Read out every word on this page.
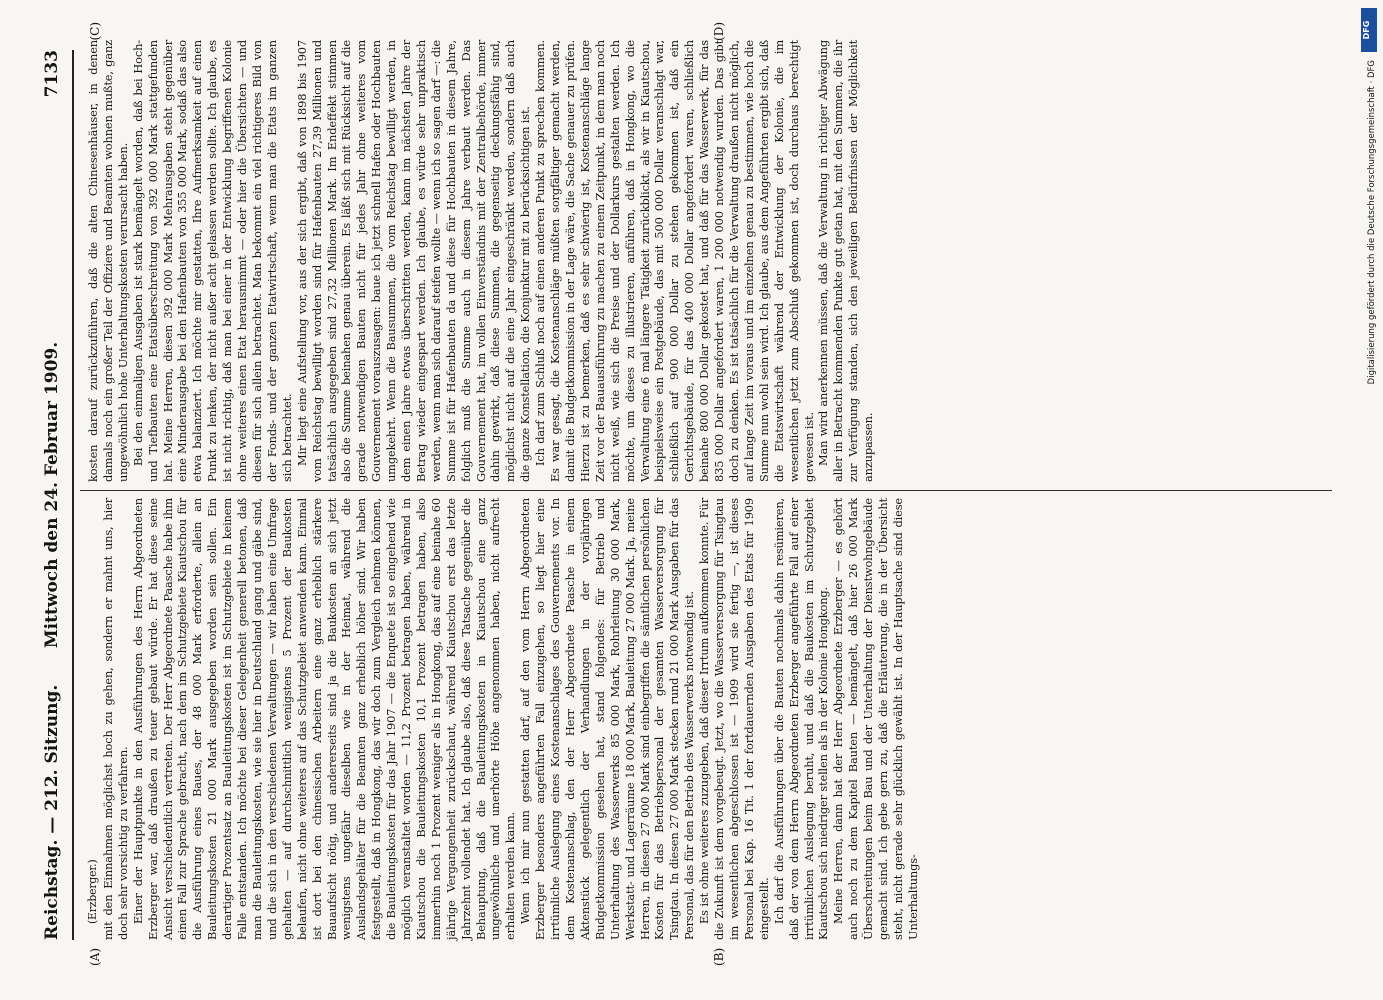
Reichstag. — 212. Sitzung.
Mittwoch den 24. Februar 1909.
7133
(A)	(B)
(C)	(D)

(Erzberger.) mit den Einnahmen möglichst hoch zu gehen, sondern er mahnt uns, hier doch sehr vorsichtig zu verfahren. Einer der Hauptpunkte in den Ausführungen des Herrn Abgeordneten Erzberger war, daß draußen zu teuer gebaut würde. Er hat diese seine Ansicht verschiedentlich vertreten. Der Herr Abgeordnete Paasche habe ihm einen Fall zur Sprache gebracht, nach dem im Schutzgebiete Kiautschou für die Ausführung eines Baues, der 48 000 Mark erforderte, allein an Bauleitungskosten 21 000 Mark ausgegeben worden sein sollen. Ein derartiger Prozentsatz an Bauleitungskosten ist im Schutzgebiete in keinem Falle entstanden. Ich möchte bei dieser Gelegenheit generell betonen, daß man die Bauleitungskosten, wie sie hier in Deutschland gang und gäbe sind, und die sich in den verschiedenen Verwaltungen — wir haben eine Umfrage gehalten — auf durchschnittlich wenigstens 5 Prozent der Baukosten belaufen, nicht ohne weiteres auf das Schutzgebiet anwenden kann. Einmal ist dort bei den chinesischen Arbeitern eine ganz erheblich stärkere Bauaufsicht nötig, und andererseits sind ja die Baukosten an sich jetzt wenigstens ungefähr dieselben wie in der Heimat, während die Auslandsgehälter für die Beamten ganz erheblich höher sind. Wir haben festgestellt, daß in Hongkong, das wir doch zum Vergleich nehmen können, die Bauleitungskosten für das Jahr 1907 — die Enquete ist so eingehend wie möglich veranstaltet worden — 11,2 Prozent betragen haben, während in Kiautschou die Bauleitungskosten 10,1 Prozent betragen haben, also immerhin noch 1 Prozent weniger als in Hongkong, das auf eine beinahe 60 jährige Vergangenheit zurückschaut, während Kiautschou erst das letzte Jahrzehnt vollendet hat. Ich glaube also, daß diese Tatsache gegenüber die Behauptung, daß die Bauleitungskosten in Kiautschou eine ganz ungewöhnliche und unerhörte Höhe angenommen haben, nicht aufrecht erhalten werden kann. Wenn ich mir nun gestatten darf, auf den vom Herrn Abgeordneten Erzberger besonders angeführten Fall einzugehen, so liegt hier eine irrtümliche Auslegung eines Kostenanschlages des Gouvernements vor. In dem Kostenanschlag, den der Herr Abgeordnete Paasche in einem Aktenstück gelegentlich der Verhandlungen in der vorjährigen Budgetkommission gesehen hat, stand folgendes: für Betrieb und Unterhaltung des Wasserwerks 85 000 Mark, Rohrleitung 30 000 Mark, Werkstatt- und Lagerräume 18 000 Mark, Bauleitung 27 000 Mark. Ja, meine Herren, in diesen 27 000 Mark sind einbegriffen die sämtlichen persönlichen Kosten für das Betriebspersonal der gesamten Wasserversorgung für Tsingtau. In diesen 27 000 Mark stecken rund 21 000 Mark Ausgaben für das Personal, das für den Betrieb des Wasserwerks notwendig ist. Es ist ohne weiteres zuzugeben, daß dieser Irrtum aufkommen konnte. Für die Zukunft ist dem vorgebeugt. Jetzt, wo die Wasserversorgung für Tsingtau im wesentlichen abgeschlossen ist — 1909 wird sie fertig —, ist dieses Personal bei Kap. 16 Tit. 1 der fortdauernden Ausgaben des Etats für 1909 eingestellt. Ich darf die Ausführungen über die Bauten nochmals dahin resümieren, daß der von dem Herrn Abgeordneten Erzberger angeführte Fall auf einer irrtümlichen Auslegung beruht, und daß die Baukosten im Schutzgebiet Kiautschou sich niedriger stellen als in der Kolonie Hongkong. Meine Herren, dann hat der Herr Abgeordnete Erzberger — es gehört auch noch zu dem Kapitel Bauten — bemängelt, daß hier 26 000 Mark Überschreitungen beim Bau und der Unterhaltung der Dienstwohngebäude gemacht sind. Ich gebe gern zu, daß die Erläuterung, die in der Übersicht steht, nicht gerade sehr glücklich gewählt ist. In der Hauptsache sind diese Unterhaltungs-

kosten darauf zurückzuführen, daß die alten Chinesenhäuser, in denen damals noch ein großer Teil der Offiziere und Beamten wohnen mußte, ganz ungewöhnlich hohe Unterhaltungskosten verursacht haben. Bei den einmaligen Ausgaben ist stark bemängelt worden, daß bei Hoch- und Tiefbauten eine Etatsüberschreitung von 392 000 Mark stattgefunden hat. Meine Herren, diesen 392 000 Mark Mehrausgaben steht gegenüber eine Minderausgabe bei den Hafenbauten von 355 000 Mark, sodaß das also etwa balanziert. Ich möchte mir gestatten, Ihre Aufmerksamkeit auf einen Punkt zu lenken, der nicht außer acht gelassen werden sollte. Ich glaube, es ist nicht richtig, daß man bei einer in der Entwicklung begriffenen Kolonie ohne weiteres einen Etat herausnimmt — oder hier die Übersichten — und diesen für sich allein betrachtet. Man bekommt ein viel richtigeres Bild von der Fonds- und der ganzen Etatwirtschaft, wenn man die Etats im ganzen sich betrachtet. Mir liegt eine Aufstellung vor, aus der sich ergibt, daß von 1898 bis 1907 vom Reichstag bewilligt worden sind für Hafenbauten 27,39 Millionen und tatsächlich ausgegeben sind 27,32 Millionen Mark. Im Endeffekt stimmen also die Summe beinahen genau überein. Es läßt sich mit Rücksicht auf die gerade notwendigen Bauten nicht für jedes Jahr ohne weiteres vom Gouvernement vorauszusagen: baue ich jetzt schnell Hafen oder Hochbauten umgekehrt. Wenn die Bausummen, die vom Reichstag bewilligt werden, in dem einen Jahre etwas überschritten werden, kann im nächsten Jahre der Betrag wieder eingespart werden. Ich glaube, es würde sehr unpraktisch werden, wenn man sich darauf steifen wollte — wenn ich so sagen darf —: die Summe ist für Hafenbauten da und diese für Hochbauten in diesem Jahre, folglich muß die Summe auch in diesem Jahre verbaut werden. Das Gouvernement hat, im vollen Einverständnis mit der Zentralbehörde, immer dahin gewirkt, daß diese Summen, die gegenseitig deckungsfähig sind, möglichst nicht auf die eine Jahr eingeschränkt werden, sondern daß auch die ganze Konstellation, die Konjunktur mit zu berücksichtigen ist. Ich darf zum Schluß noch auf einen anderen Punkt zu sprechen kommen. Es war gesagt, die Kostenanschläge müßten sorgfältiger gemacht werden, damit die Budgetkommission in der Lage wäre, die Sache genauer zu prüfen. Hierzu ist zu bemerken, daß es sehr schwierig ist, Kostenanschläge lange Zeit vor der Bauausführung zu machen zu einem Zeitpunkt, in dem man noch nicht weiß, wie sich die Preise und der Dollarkurs gestalten werden. Ich möchte, um dieses zu illustrieren, anführen, daß in Hongkong, wo die Verwaltung eine 6 mal längere Tätigkeit zurückblickt, als wir in Kiautschou, beispielsweise ein Postgebäude, das mit 500 000 Dollar veranschlagt war, schließlich auf 900 000 Dollar zu stehen gekommen ist, daß ein Gerichtsgebäude, für das 400 000 Dollar angefordert waren, schließlich beinahe 800 000 Dollar gekostet hat, und daß für das Wasserwerk, für das 835 000 Dollar angefordert waren, 1 200 000 notwendig wurden. Das gibt doch zu denken. Es ist tatsächlich für die Verwaltung draußen nicht möglich, auf lange Zeit im voraus und im einzelnen genau zu bestimmen, wie hoch die Summe nun wohl sein wird. Ich glaube, aus dem Angeführten ergibt sich, daß die Etatswirtschaft während der Entwicklung der Kolonie, die im wesentlichen jetzt zum Abschluß gekommen ist, doch durchaus berechtigt gewesen ist. Man wird anerkennen müssen, daß die Verwaltung in richtiger Abwägung aller in Betracht kommenden Punkte gut getan hat, mit den Summen, die ihr zur Verfügung standen, sich den jeweiligen Bedürfnissen der Möglichkeit anzupassen.

DFG
Digitalisierung gefördert durch die Deutsche Forschungsgemeinschaft · DFG
